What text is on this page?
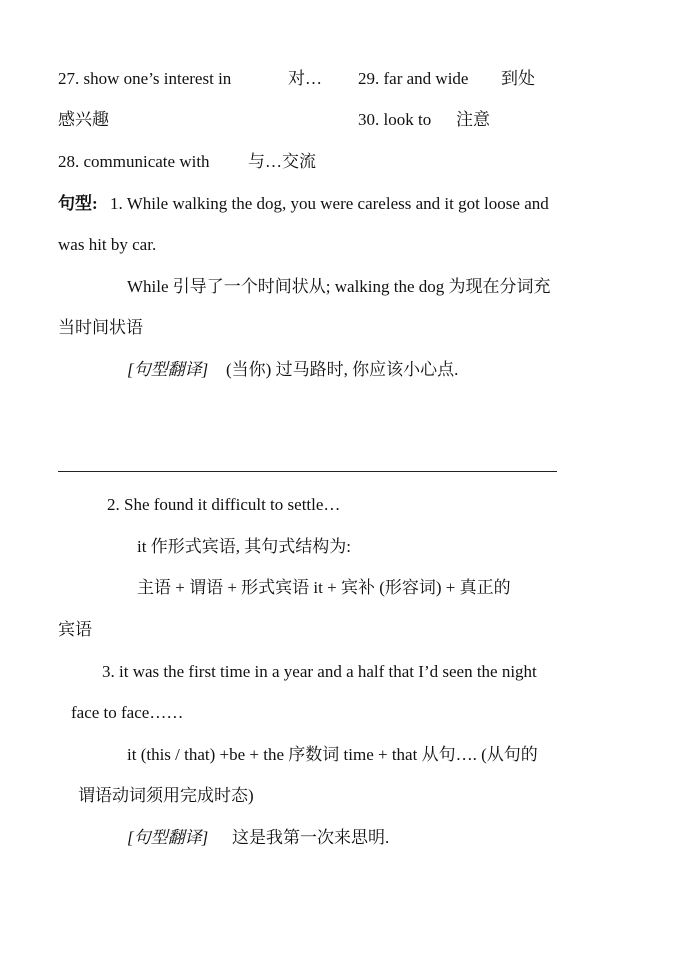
27. show one’s interest in	对…
感兴趣
29. far and wide 到处
30. look to 注意
28. communicate with 与…交流
句型: 1. While walking the dog, you were careless and it got loose and
was hit by car.
While 引导了一个时间状从; walking the dog 为现在分词充
当时间状语
[句型翻译] (当你) 过马路时, 你应该小心点.
2. She found it difficult to settle…
it 作形式宾语, 其句式结构为:
主语 + 谓语 + 形式宾语 it + 宾补 (形容词) + 真正的
宾语
3. it was the first time in a year and a half that I’d seen the night
face to face……
it (this / that) +be + the 序数词 time + that 从句…. (从句的
谓语动词须用完成时态)
[句型翻译] 这是我第一次来思明.
